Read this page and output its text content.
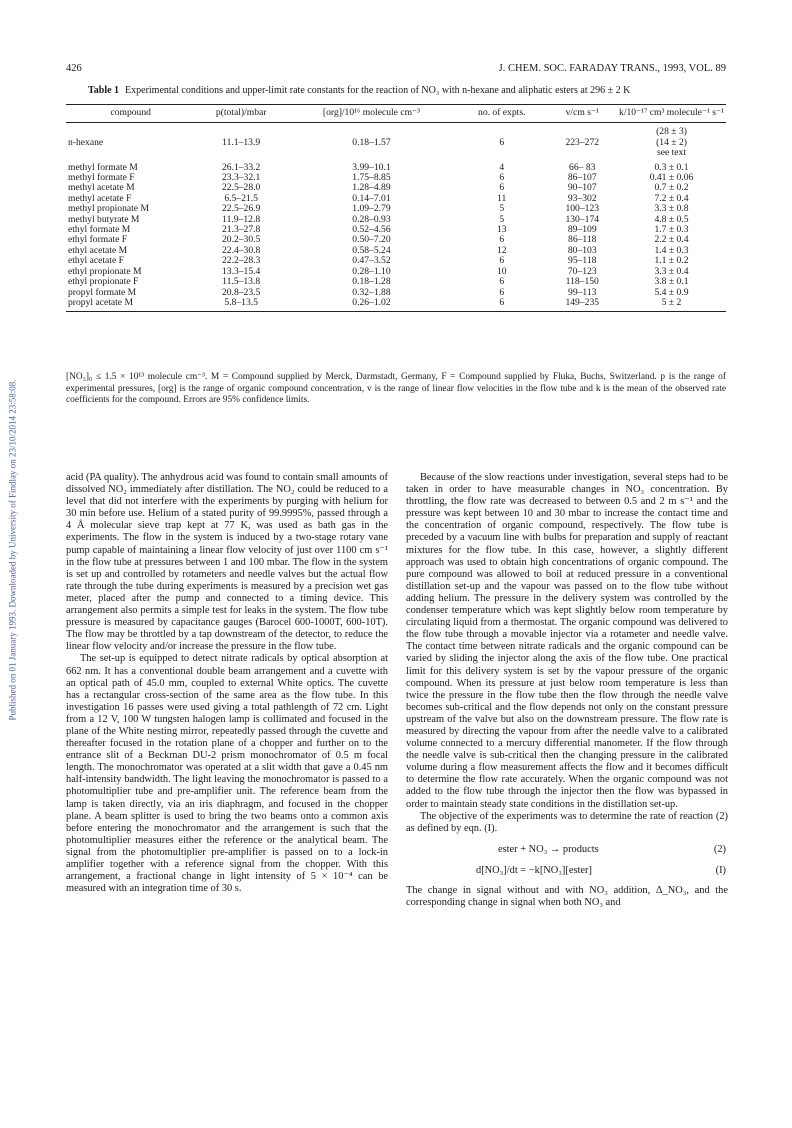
Published on 01 January 1993. Downloaded by University of Findlay on 23/10/2014 23:58:08.
426	J. CHEM. SOC. FARADAY TRANS., 1993, VOL. 89
Table 1 Experimental conditions and upper-limit rate constants for the reaction of NO₃ with n-hexane and aliphatic esters at 296 ± 2 K
compound	p(total)/mbar	[org]/10¹⁶ molecule cm⁻³	no. of expts.	v/cm s⁻¹	k/10⁻¹⁷ cm³ molecule⁻¹ s⁻¹
n-hexane	11.1–13.9	0.18–1.57	6	223–272	(28 ± 3)
(14 ± 2)
see text

methyl formate M	26.1–33.2	3.99–10.1	4	66– 83	0.3 ± 0.1

methyl formate F	23.3–32.1	1.75–8.85	6	86–107	0.41 ± 0.06

methyl acetate M	22.5–28.0	1.28–4.89	6	90–107	0.7 ± 0.2

methyl acetate F	6.5–21.5	0.14–7.01	11	93–302	7.2 ± 0.4

methyl propionate M	22.5–26.9	1.09–2.79	5	100–123	3.3 ± 0.8

methyl butyrate M	11.9–12.8	0.28–0.93	5	130–174	4.8 ± 0.5

ethyl formate M	21.3–27.8	0.52–4.56	13	89–109	1.7 ± 0.3

ethyl formate F	20.2–30.5	0.50–7.20	6	86–118	2.2 ± 0.4

ethyl acetate M	22.4–30.8	0.58–5.24	12	80–103	1.4 ± 0.3

ethyl acetate F	22.2–28.3	0.47–3.52	6	95–118	1.1 ± 0.2

ethyl propionate M	13.3–15.4	0.28–1.10	10	70–123	3.3 ± 0.4

ethyl propionate F	11.5–13.8	0.18–1.28	6	118–150	3.8 ± 0.1

propyl formate M	20.8–23.5	0.32–1.88	6	99–113	5.4 ± 0.9

propyl acetate M	5.8–13.5	0.26–1.02	6	149–235	5 ± 2
[NO₃]₀ ≤ 1.5 × 10¹³ molecule cm⁻³. M = Compound supplied by Merck, Darmstadt, Germany, F = Compound supplied by Fluka, Buchs, Switzerland. p is the range of experimental pressures, [org] is the range of organic compound concentration, v is the range of linear flow velocities in the flow tube and k is the mean of the observed rate coefficients for the compound. Errors are 95% confidence limits.

acid (PA quality). The anhydrous acid was found to contain small amounts of dissolved NO₂ immediately after distillation. The NO₂ could be reduced to a level that did not interfere with the experiments by purging with helium for 30 min before use. Helium of a stated purity of 99.9995%, passed through a 4 Å molecular sieve trap kept at 77 K, was used as bath gas in the experiments. The flow in the system is induced by a two-stage rotary vane pump capable of maintaining a linear flow velocity of just over 1100 cm s⁻¹ in the flow tube at pressures between 1 and 100 mbar. The flow in the system is set up and controlled by rotameters and needle valves but the actual flow rate through the tube during experiments is measured by a precision wet gas meter, placed after the pump and connected to a timing device. This arrangement also permits a simple test for leaks in the system. The flow tube pressure is measured by capacitance gauges (Barocel 600-1000T, 600-10T). The flow may be throttled by a tap downstream of the detector, to reduce the linear flow velocity and/or increase the pressure in the flow tube.

The set-up is equipped to detect nitrate radicals by optical absorption at 662 nm. It has a conventional double beam arrangement and a cuvette with an optical path of 45.0 mm, coupled to external White optics. The cuvette has a rectangular cross-section of the same area as the flow tube. In this investigation 16 passes were used giving a total pathlength of 72 cm. Light from a 12 V, 100 W tungsten halogen lamp is collimated and focused in the plane of the White nesting mirror, repeatedly passed through the cuvette and thereafter focused in the rotation plane of a chopper and further on to the entrance slit of a Beckman DU-2 prism monochromator of 0.5 m focal length. The monochromator was operated at a slit width that gave a 0.45 nm half-intensity bandwidth. The light leaving the monochromator is passed to a photomultiplier tube and pre-amplifier unit. The reference beam from the lamp is taken directly, via an iris diaphragm, and focused in the chopper plane. A beam splitter is used to bring the two beams onto a common axis before entering the monochromator and the arrangement is such that the photomultiplier measures either the reference or the analytical beam. The signal from the photomultiplier pre-amplifier is passed on to a lock-in amplifier together with a reference signal from the chopper. With this arrangement, a fractional change in light intensity of 5 × 10⁻⁴ can be measured with an integration time of 30 s.

Because of the slow reactions under investigation, several steps had to be taken in order to have measurable changes in NO₃ concentration. By throttling, the flow rate was decreased to between 0.5 and 2 m s⁻¹ and the pressure was kept between 10 and 30 mbar to increase the contact time and the concentration of organic compound, respectively. The flow tube is preceded by a vacuum line with bulbs for preparation and supply of reactant mixtures for the flow tube. In this case, however, a slightly different approach was used to obtain high concentrations of organic compound. The pure compound was allowed to boil at reduced pressure in a conventional distillation set-up and the vapour was passed on to the flow tube without adding helium. The pressure in the delivery system was controlled by the condenser temperature which was kept slightly below room temperature by circulating liquid from a thermostat. The organic compound was delivered to the flow tube through a movable injector via a rotameter and needle valve. The contact time between nitrate radicals and the organic compound can be varied by sliding the injector along the axis of the flow tube. One practical limit for this delivery system is set by the vapour pressure of the organic compound. When its pressure at just below room temperature is less than twice the pressure in the flow tube then the flow through the needle valve becomes sub-critical and the flow depends not only on the constant pressure upstream of the valve but also on the downstream pressure. The flow rate is measured by directing the vapour from after the needle valve to a calibrated volume connected to a mercury differential manometer. If the flow through the needle valve is sub-critical then the changing pressure in the calibrated volume during a flow measurement affects the flow and it becomes difficult to determine the flow rate accurately. When the organic compound was not added to the flow tube through the injector then the flow was bypassed in order to maintain steady state conditions in the distillation set-up.

The objective of the experiments was to determine the rate of reaction (2) as defined by eqn. (I).

ester + NO₃ → products	(2)
d[NO₃]/dt = −k[NO₃][ester]	(I)

The change in signal without and with NO₃ addition, Δ_NO₃, and the corresponding change in signal when both NO₃ and
